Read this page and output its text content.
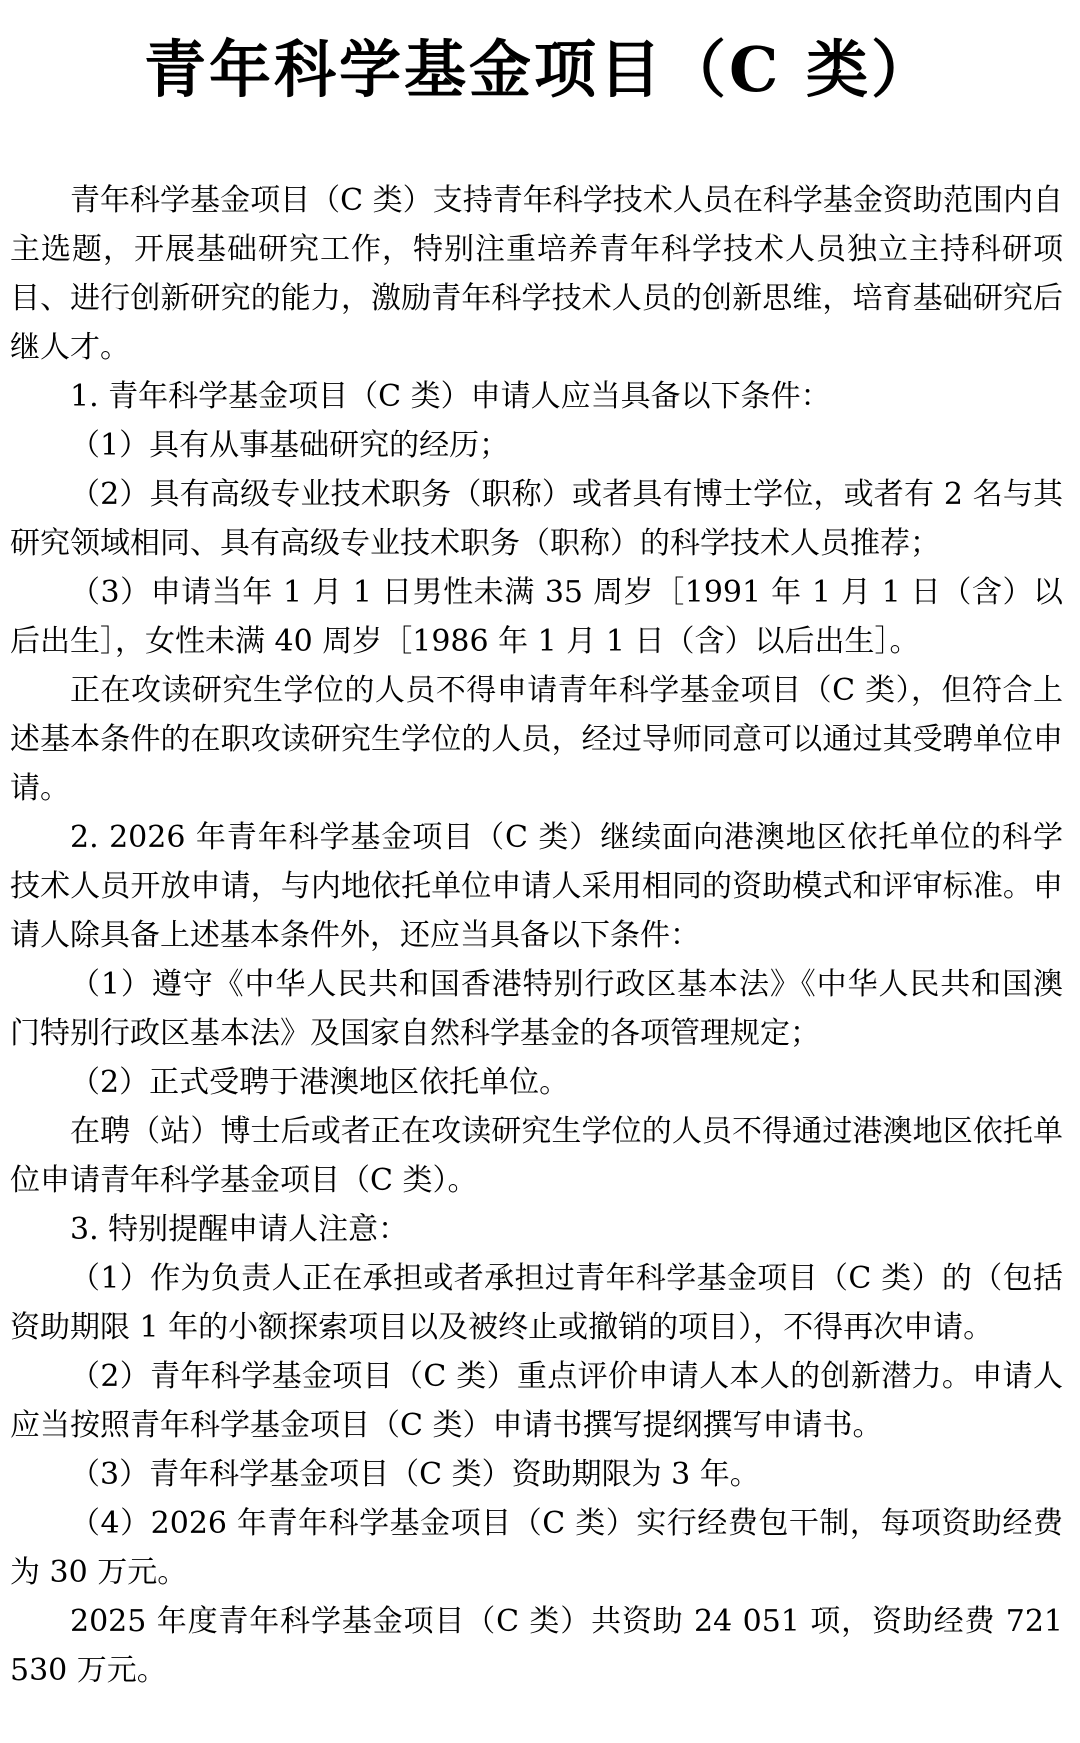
青年科学基金项目（C 类）

青年科学基金项目（C 类）支持青年科学技术人员在科学基金资助范围内自主选题，开展基础研究工作，特别注重培养青年科学技术人员独立主持科研项目、进行创新研究的能力，激励青年科学技术人员的创新思维，培育基础研究后继人才。

1. 青年科学基金项目（C 类）申请人应当具备以下条件：

（1）具有从事基础研究的经历；

（2）具有高级专业技术职务（职称）或者具有博士学位，或者有 2 名与其研究领域相同、具有高级专业技术职务（职称）的科学技术人员推荐；

（3）申请当年 1 月 1 日男性未满 35 周岁［1991 年 1 月 1 日（含）以后出生］，女性未满 40 周岁［1986 年 1 月 1 日（含）以后出生］。

正在攻读研究生学位的人员不得申请青年科学基金项目（C 类），但符合上述基本条件的在职攻读研究生学位的人员，经过导师同意可以通过其受聘单位申请。

2. 2026 年青年科学基金项目（C 类）继续面向港澳地区依托单位的科学技术人员开放申请，与内地依托单位申请人采用相同的资助模式和评审标准。申请人除具备上述基本条件外，还应当具备以下条件：

（1）遵守《中华人民共和国香港特别行政区基本法》《中华人民共和国澳门特别行政区基本法》及国家自然科学基金的各项管理规定；

（2）正式受聘于港澳地区依托单位。

在聘（站）博士后或者正在攻读研究生学位的人员不得通过港澳地区依托单位申请青年科学基金项目（C 类）。

3. 特别提醒申请人注意：

（1）作为负责人正在承担或者承担过青年科学基金项目（C 类）的（包括资助期限 1 年的小额探索项目以及被终止或撤销的项目），不得再次申请。

（2）青年科学基金项目（C 类）重点评价申请人本人的创新潜力。申请人应当按照青年科学基金项目（C 类）申请书撰写提纲撰写申请书。

（3）青年科学基金项目（C 类）资助期限为 3 年。

（4）2026 年青年科学基金项目（C 类）实行经费包干制，每项资助经费为 30 万元。

2025 年度青年科学基金项目（C 类）共资助 24 051 项，资助经费 721 530 万元。
